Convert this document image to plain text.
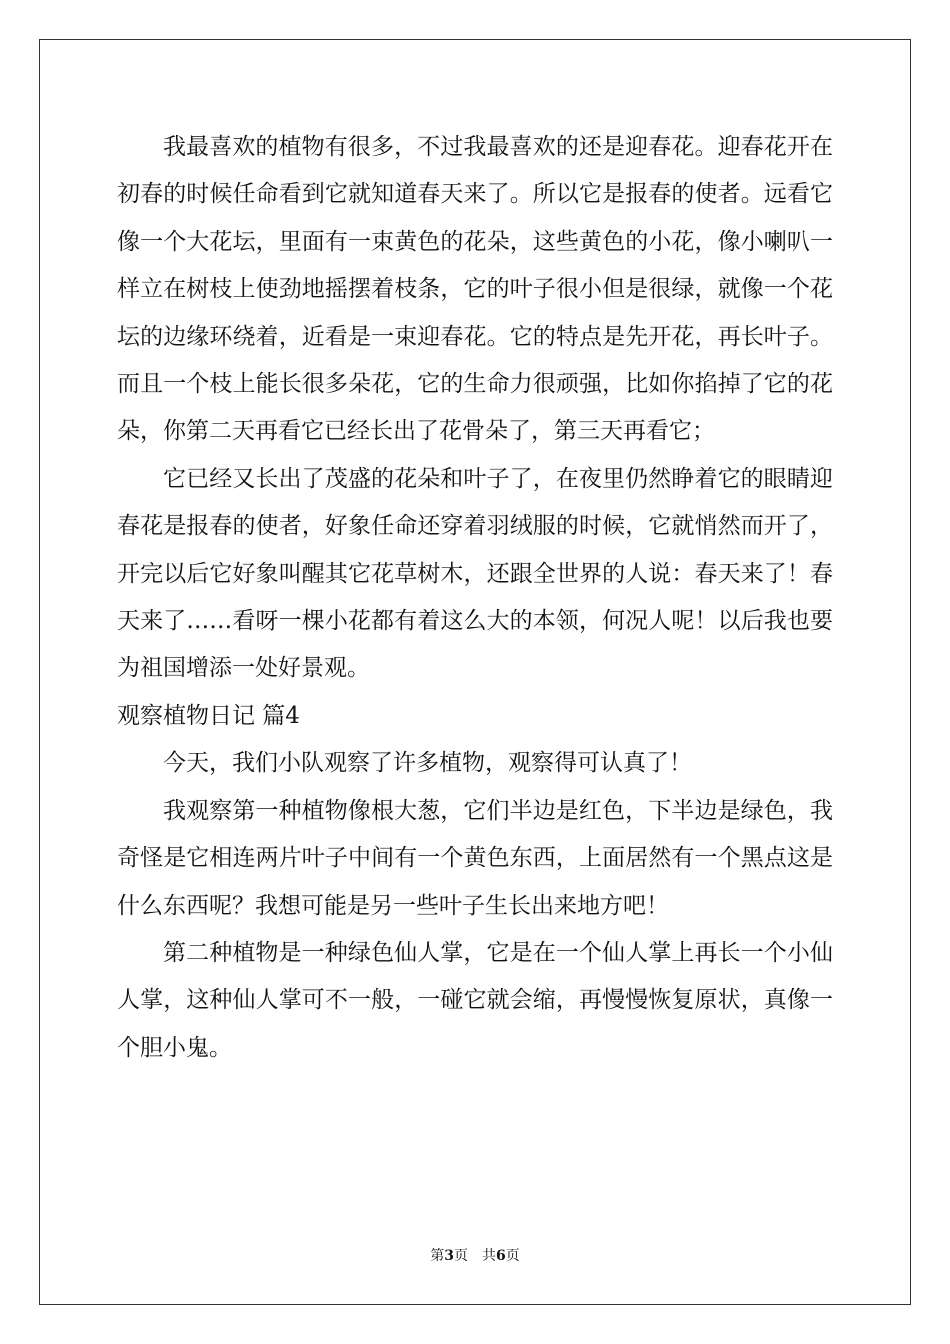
我最喜欢的植物有很多，不过我最喜欢的还是迎春花。迎春花开在初春的时候任命看到它就知道春天来了。所以它是报春的使者。远看它像一个大花坛，里面有一束黄色的花朵，这些黄色的小花，像小喇叭一样立在树枝上使劲地摇摆着枝条，它的叶子很小但是很绿，就像一个花坛的边缘环绕着，近看是一束迎春花。它的特点是先开花，再长叶子。而且一个枝上能长很多朵花，它的生命力很顽强，比如你掐掉了它的花朵，你第二天再看它已经长出了花骨朵了，第三天再看它；

它已经又长出了茂盛的花朵和叶子了，在夜里仍然睁着它的眼睛迎春花是报春的使者，好象任命还穿着羽绒服的时候，它就悄然而开了，开完以后它好象叫醒其它花草树木，还跟全世界的人说：春天来了！春天来了……看呀一棵小花都有着这么大的本领，何况人呢！以后我也要为祖国增添一处好景观。

观察植物日记 篇4

今天，我们小队观察了许多植物，观察得可认真了！

我观察第一种植物像根大葱，它们半边是红色，下半边是绿色，我奇怪是它相连两片叶子中间有一个黄色东西，上面居然有一个黑点这是什么东西呢？我想可能是另一些叶子生长出来地方吧！

第二种植物是一种绿色仙人掌，它是在一个仙人掌上再长一个小仙人掌，这种仙人掌可不一般，一碰它就会缩，再慢慢恢复原状，真像一个胆小鬼。

第3页 共6页
